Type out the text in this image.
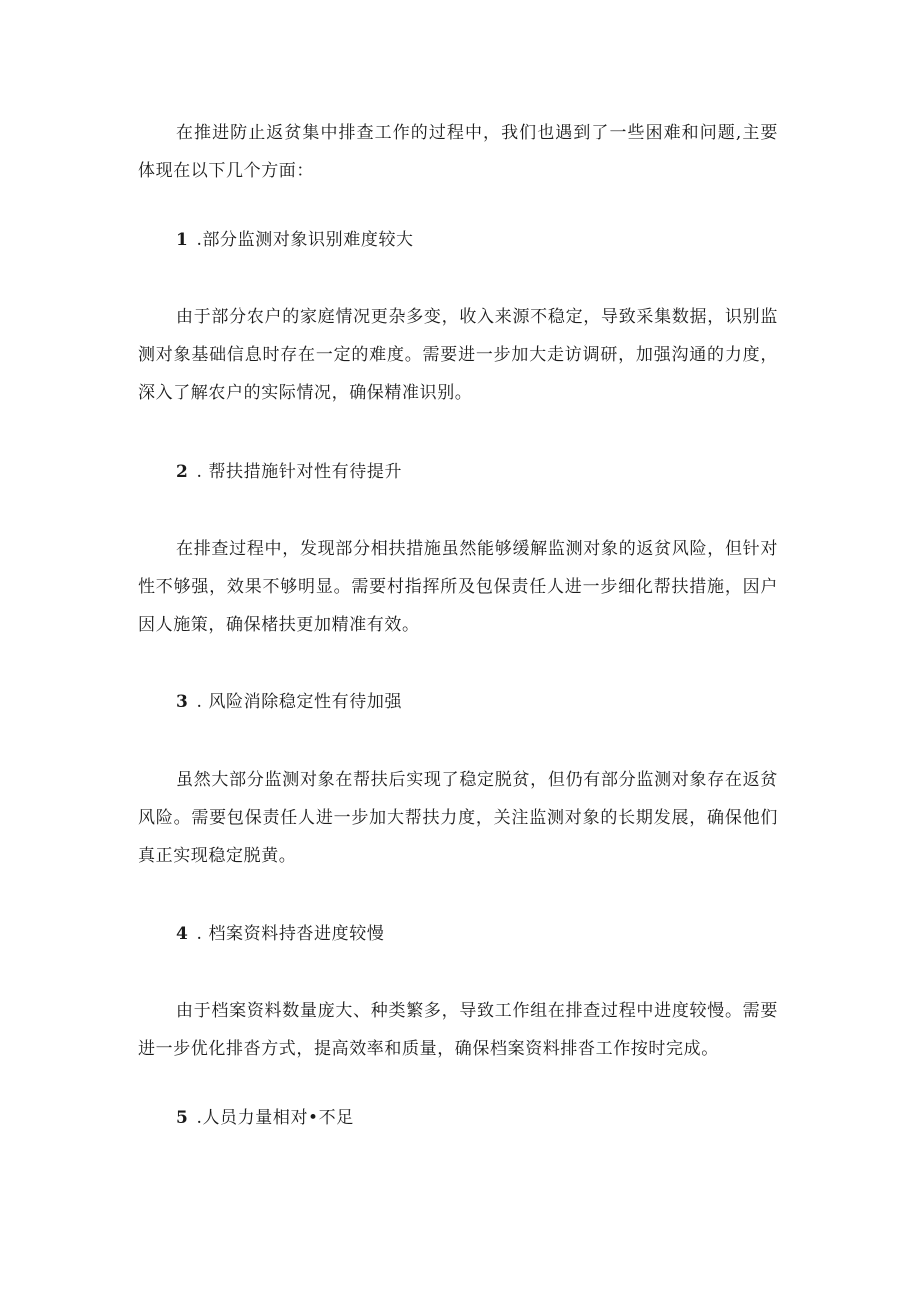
在推进防止返贫集中排查工作的过程中，我们也遇到了一些困难和问题,主要体现在以下几个方面：

1 .部分监测对象识别难度较大

由于部分农户的家庭情况更杂多变，收入来源不稳定，导致采集数据，识别监测对象基础信息时存在一定的难度。需要进一步加大走访调研，加强沟通的力度，深入了解农户的实际情况，确保精准识别。

2 . 帮扶措施针对性有待提升

在排查过程中，发现部分相扶措施虽然能够缓解监测对象的返贫风险，但针对性不够强，效果不够明显。需要村指挥所及包保责任人进一步细化帮扶措施，因户因人施策，确保楮扶更加精准有效。

3 . 风险消除稳定性有待加强

虽然大部分监测对象在帮扶后实现了稳定脱贫，但仍有部分监测对象存在返贫风险。需要包保责任人进一步加大帮扶力度，关注监测对象的长期发展，确保他们真正实现稳定脱黄。

4 . 档案资料持沓进度较慢

由于档案资料数量庞大、种类繁多，导致工作组在排查过程中进度较慢。需要进一步优化排沓方式，提高效率和质量，确保档案资料排沓工作按时完成。

5 .人员力量相对•不足
